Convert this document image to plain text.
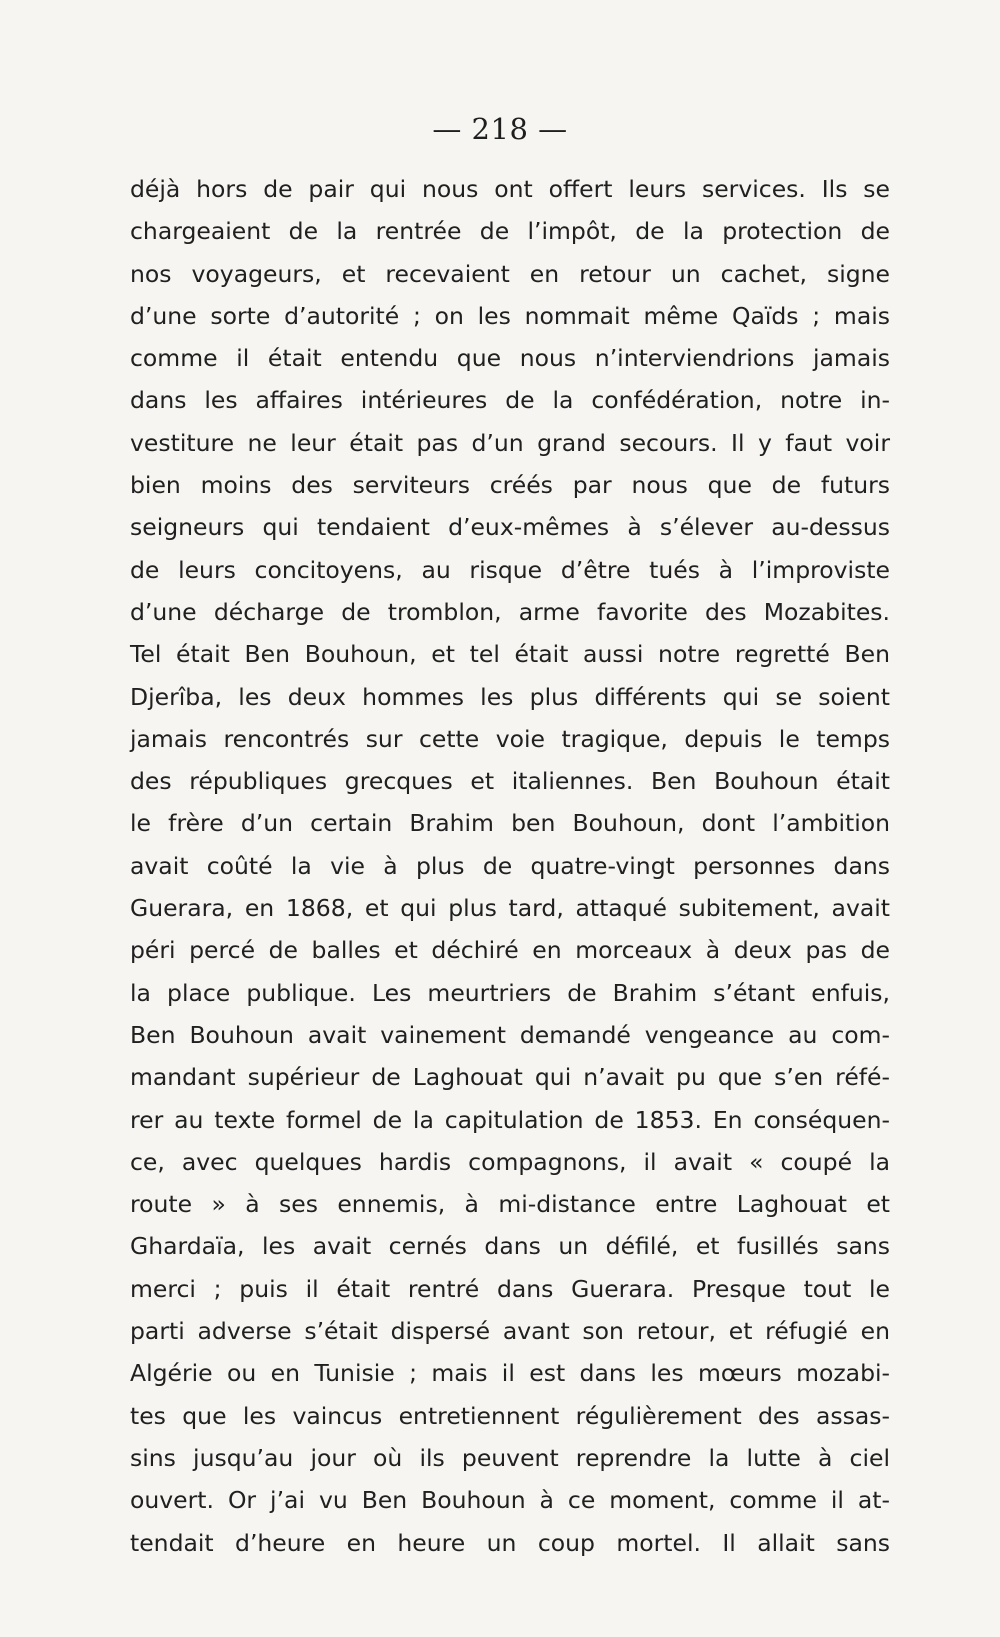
— 218 —
déjà hors de pair qui nous ont offert leurs services. Ils se
chargeaient de la rentrée de l’impôt, de la protection de
nos voyageurs, et recevaient en retour un cachet, signe
d’une sorte d’autorité ; on les nommait même Qaïds ; mais
comme il était entendu que nous n’interviendrions jamais
dans les affaires intérieures de la confédération, notre in-
vestiture ne leur était pas d’un grand secours. Il y faut voir
bien moins des serviteurs créés par nous que de futurs
seigneurs qui tendaient d’eux-mêmes à s’élever au-dessus
de leurs concitoyens, au risque d’être tués à l’improviste
d’une décharge de tromblon, arme favorite des Mozabites.
Tel était Ben Bouhoun, et tel était aussi notre regretté Ben
Djerîba, les deux hommes les plus différents qui se soient
jamais rencontrés sur cette voie tragique, depuis le temps
des républiques grecques et italiennes. Ben Bouhoun était
le frère d’un certain Brahim ben Bouhoun, dont l’ambition
avait coûté la vie à plus de quatre-vingt personnes dans
Guerara, en 1868, et qui plus tard, attaqué subitement, avait
péri percé de balles et déchiré en morceaux à deux pas de
la place publique. Les meurtriers de Brahim s’étant enfuis,
Ben Bouhoun avait vainement demandé vengeance au com-
mandant supérieur de Laghouat qui n’avait pu que s’en réfé-
rer au texte formel de la capitulation de 1853. En conséquen-
ce, avec quelques hardis compagnons, il avait « coupé la
route » à ses ennemis, à mi-distance entre Laghouat et
Ghardaïa, les avait cernés dans un défilé, et fusillés sans
merci ; puis il était rentré dans Guerara. Presque tout le
parti adverse s’était dispersé avant son retour, et réfugié en
Algérie ou en Tunisie ; mais il est dans les mœurs mozabi-
tes que les vaincus entretiennent régulièrement des assas-
sins jusqu’au jour où ils peuvent reprendre la lutte à ciel
ouvert. Or j’ai vu Ben Bouhoun à ce moment, comme il at-
tendait d’heure en heure un coup mortel. Il allait sans
